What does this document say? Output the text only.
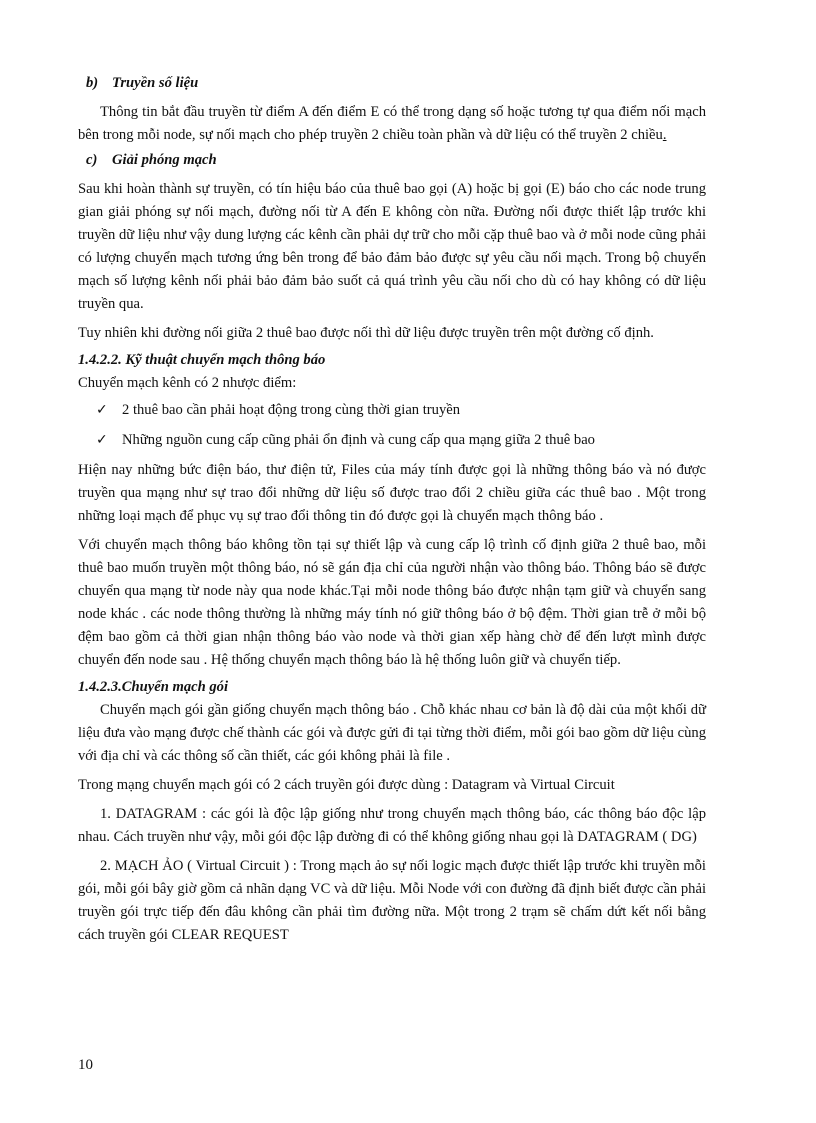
b) Truyền số liệu

Thông tin bắt đầu truyền từ điểm A đến điểm E có thể trong dạng số hoặc tương tự qua điểm nối mạch bên trong mỗi node, sự nối mạch cho phép truyền 2 chiều toàn phần và dữ liệu có thể truyền 2 chiều.

c) Giải phóng mạch

Sau khi hoàn thành sự truyền, có tín hiệu báo của thuê bao gọi (A) hoặc bị gọi (E) báo cho các node trung gian giải phóng sự nối mạch, đường nối từ A đến E không còn nữa. Đường nối được thiết lập trước khi truyền dữ liệu như vậy dung lượng các kênh cần phải dự trữ cho mỗi cặp thuê bao và ở mỗi node cũng phải có lượng chuyển mạch tương ứng bên trong để bảo đảm bảo được sự yêu cầu nối mạch. Trong bộ chuyển mạch số lượng kênh nối phải bảo đảm bảo suốt cả quá trình yêu cầu nối cho dù có hay không có dữ liệu truyền qua.

Tuy nhiên khi đường nối giữa 2 thuê bao được nối thì dữ liệu được truyền trên một đường cố định.

1.4.2.2. Kỹ thuật chuyển mạch thông báo

Chuyển mạch kênh có 2 nhược điểm:

✓ 2 thuê bao cần phải hoạt động trong cùng thời gian truyền
✓ Những nguồn cung cấp cũng phải ổn định và cung cấp qua mạng giữa 2 thuê bao

Hiện nay những bức điện báo, thư điện tử, Files của máy tính được gọi là những thông báo và nó được truyền qua mạng như sự trao đổi những dữ liệu số được trao đổi 2 chiều giữa các thuê bao . Một trong những loại mạch để phục vụ sự trao đổi thông tin đó được gọi là chuyển mạch thông báo .

Với chuyển mạch thông báo không tồn tại sự thiết lập và cung cấp lộ trình cố định giữa 2 thuê bao, mỗi thuê bao muốn truyền một thông báo, nó sẽ gán địa chỉ của người nhận vào thông báo. Thông báo sẽ được chuyển qua mạng từ node này qua node khác.Tại mỗi node thông báo được nhận tạm giữ và chuyển sang node khác . các node thông thường là những máy tính nó giữ thông báo ở bộ đệm. Thời gian trễ ở mỗi bộ đệm bao gồm cả thời gian nhận thông báo vào node và thời gian xếp hàng chờ để đến lượt mình được chuyển đến node sau . Hệ thống chuyển mạch thông báo là hệ thống luôn giữ và chuyển tiếp.

1.4.2.3.Chuyển mạch gói

Chuyển mạch gói gần giống chuyển mạch thông báo . Chỗ khác nhau cơ bản là độ dài của một khối dữ liệu đưa vào mạng được chế thành các gói và được gửi đi tại từng thời điểm, mỗi gói bao gồm dữ liệu cùng với địa chỉ và các thông số cần thiết, các gói không phải là file .

Trong mạng chuyển mạch gói có 2 cách truyền gói được dùng : Datagram và Virtual Circuit

1. DATAGRAM : các gói là độc lập giống như trong chuyển mạch thông báo, các thông báo độc lập nhau. Cách truyền như vậy, mỗi gói độc lập đường đi có thể không giống nhau gọi là DATAGRAM ( DG)

2. MẠCH ẢO ( Virtual Circuit ) : Trong mạch ảo sự nối logic mạch được thiết lập trước khi truyền mỗi gói, mỗi gói bây giờ gồm cả nhãn dạng VC và dữ liệu. Mỗi Node với con đường đã định biết được cần phải truyền gói trực tiếp đến đâu không cần phải tìm đường nữa. Một trong 2 trạm sẽ chấm dứt kết nối bằng cách truyền gói CLEAR REQUEST

10
